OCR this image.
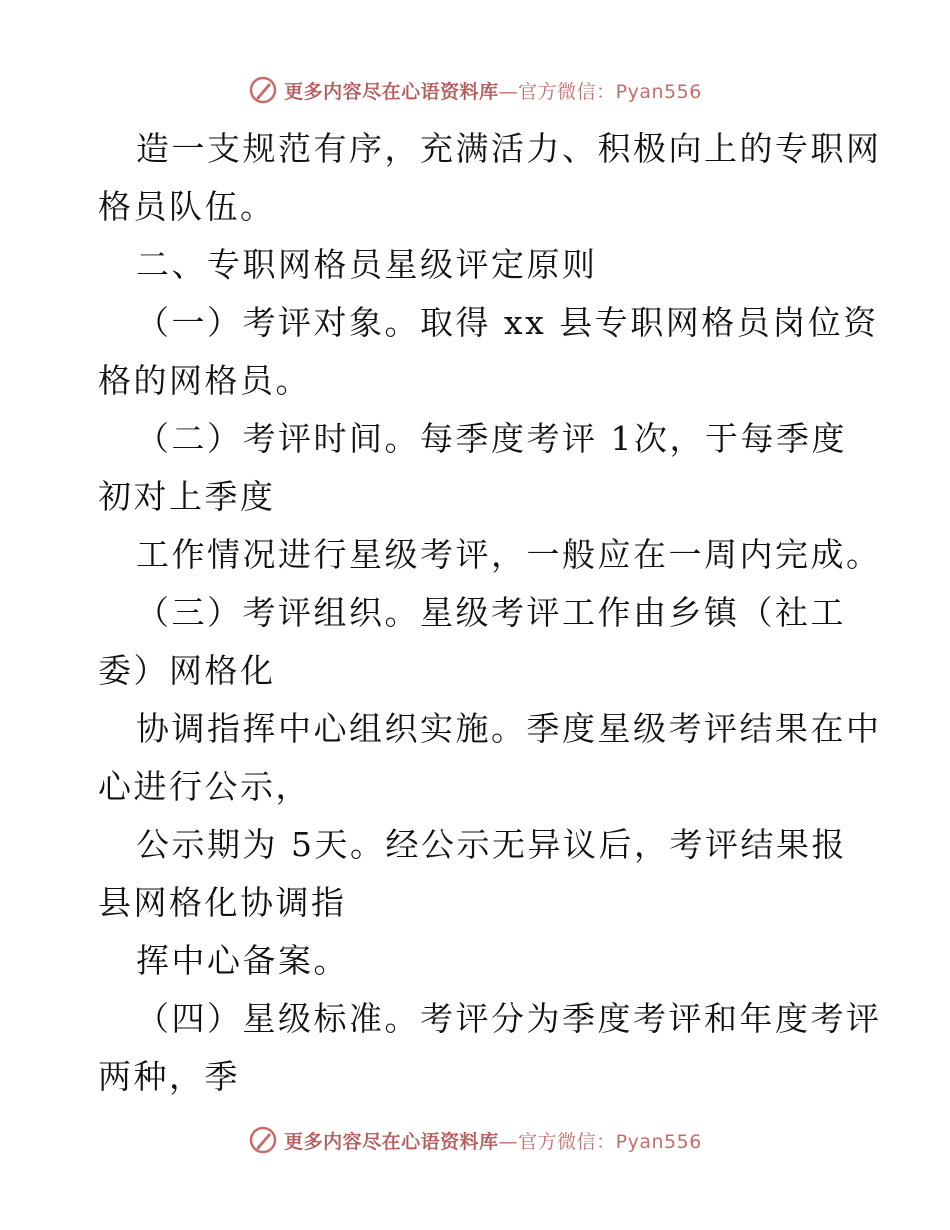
更多内容尽在心语资料库—官方微信：Pyan556
造一支规范有序，充满活力、积极向上的专职网
格员队伍。
二、专职网格员星级评定原则
（一）考评对象。取得 xx 县专职网格员岗位资
格的网格员。
（二）考评时间。每季度考评 1次，于每季度
初对上季度
工作情况进行星级考评，一般应在一周内完成。
（三）考评组织。星级考评工作由乡镇（社工
委）网格化
协调指挥中心组织实施。季度星级考评结果在中
心进行公示，
公示期为 5天。经公示无异议后，考评结果报
县网格化协调指
挥中心备案。
（四）星级标准。考评分为季度考评和年度考评
两种，季
更多内容尽在心语资料库—官方微信：Pyan556
